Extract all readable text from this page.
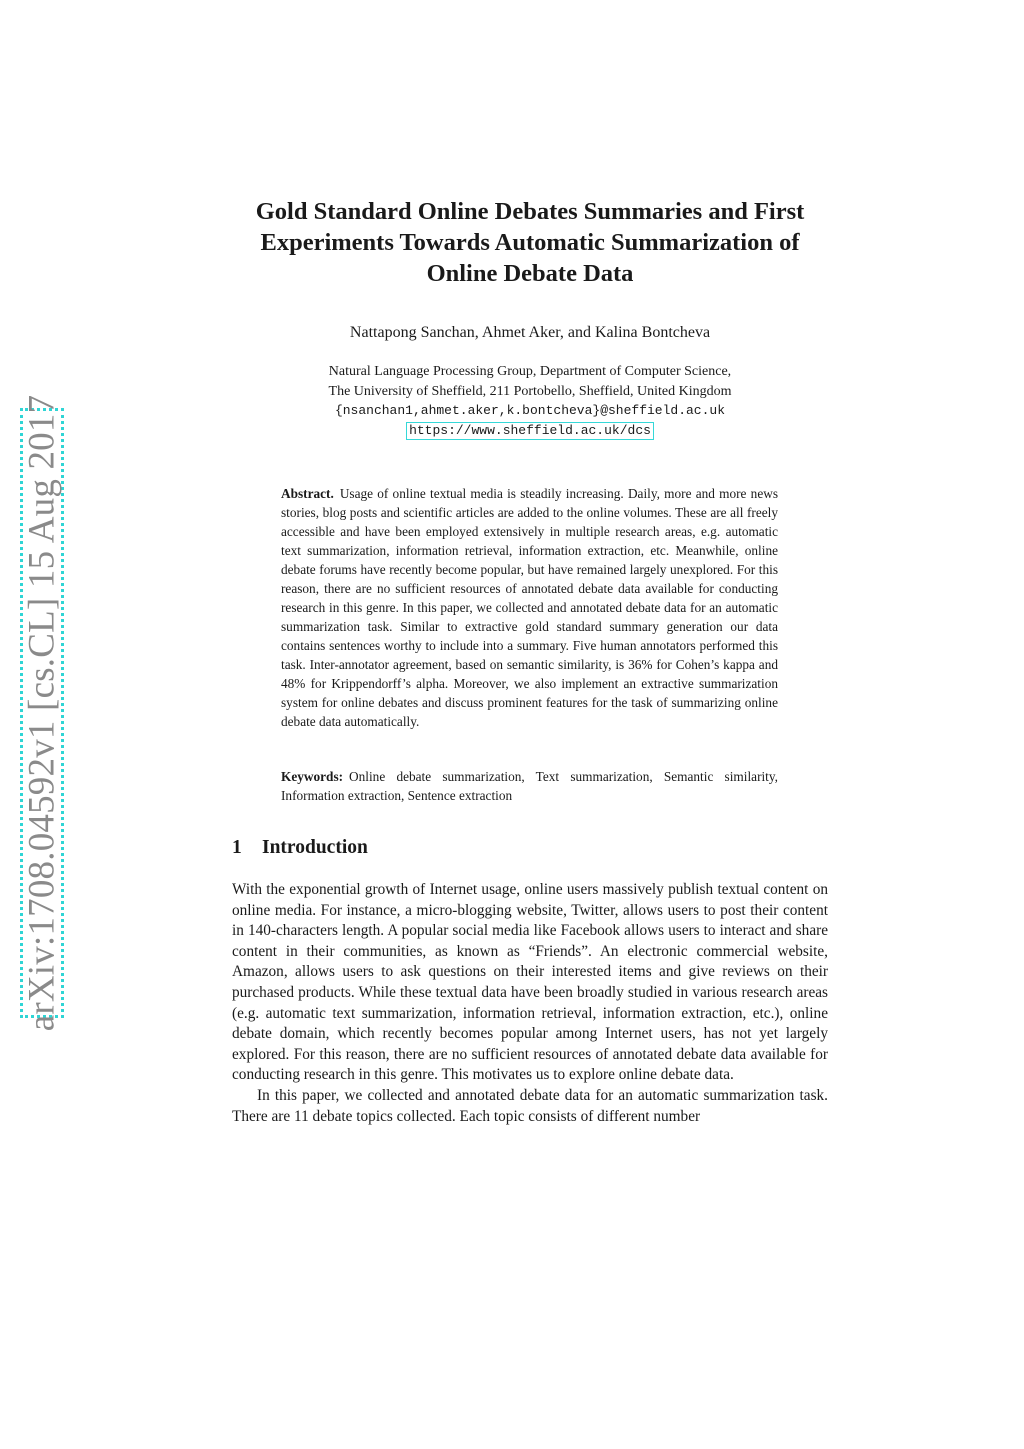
arXiv:1708.04592v1 [cs.CL] 15 Aug 2017
Gold Standard Online Debates Summaries and First
Experiments Towards Automatic Summarization of
Online Debate Data
Nattapong Sanchan, Ahmet Aker, and Kalina Bontcheva
Natural Language Processing Group, Department of Computer Science,
The University of Sheffield, 211 Portobello, Sheffield, United Kingdom
{nsanchan1,ahmet.aker,k.bontcheva}@sheffield.ac.uk
https://www.sheffield.ac.uk/dcs
Abstract. Usage of online textual media is steadily increasing. Daily, more and more news stories, blog posts and scientific articles are added to the online volumes. These are all freely accessible and have been employed extensively in multiple research areas, e.g. automatic text summarization, information retrieval, information extraction, etc. Meanwhile, online debate forums have recently become popular, but have remained largely unexplored. For this reason, there are no sufficient resources of annotated debate data available for conducting research in this genre. In this paper, we collected and annotated debate data for an automatic summarization task. Similar to extractive gold standard summary generation our data contains sentences worthy to include into a summary. Five human annotators performed this task. Inter-annotator agreement, based on semantic similarity, is 36% for Cohen’s kappa and 48% for Krippendorff’s alpha. Moreover, we also implement an extractive summarization system for online debates and discuss prominent features for the task of summarizing online debate data automatically.
Keywords: Online debate summarization, Text summarization, Semantic similarity, Information extraction, Sentence extraction
1 Introduction

With the exponential growth of Internet usage, online users massively publish textual content on online media. For instance, a micro-blogging website, Twitter, allows users to post their content in 140-characters length. A popular social media like Facebook allows users to interact and share content in their communities, as known as “Friends”. An electronic commercial website, Amazon, allows users to ask questions on their interested items and give reviews on their purchased products. While these textual data have been broadly studied in various research areas (e.g. automatic text summarization, information retrieval, information extraction, etc.), online debate domain, which recently becomes popular among Internet users, has not yet largely explored. For this reason, there are no sufficient resources of annotated debate data available for conducting research in this genre. This motivates us to explore online debate data.

In this paper, we collected and annotated debate data for an automatic summarization task. There are 11 debate topics collected. Each topic consists of different number
